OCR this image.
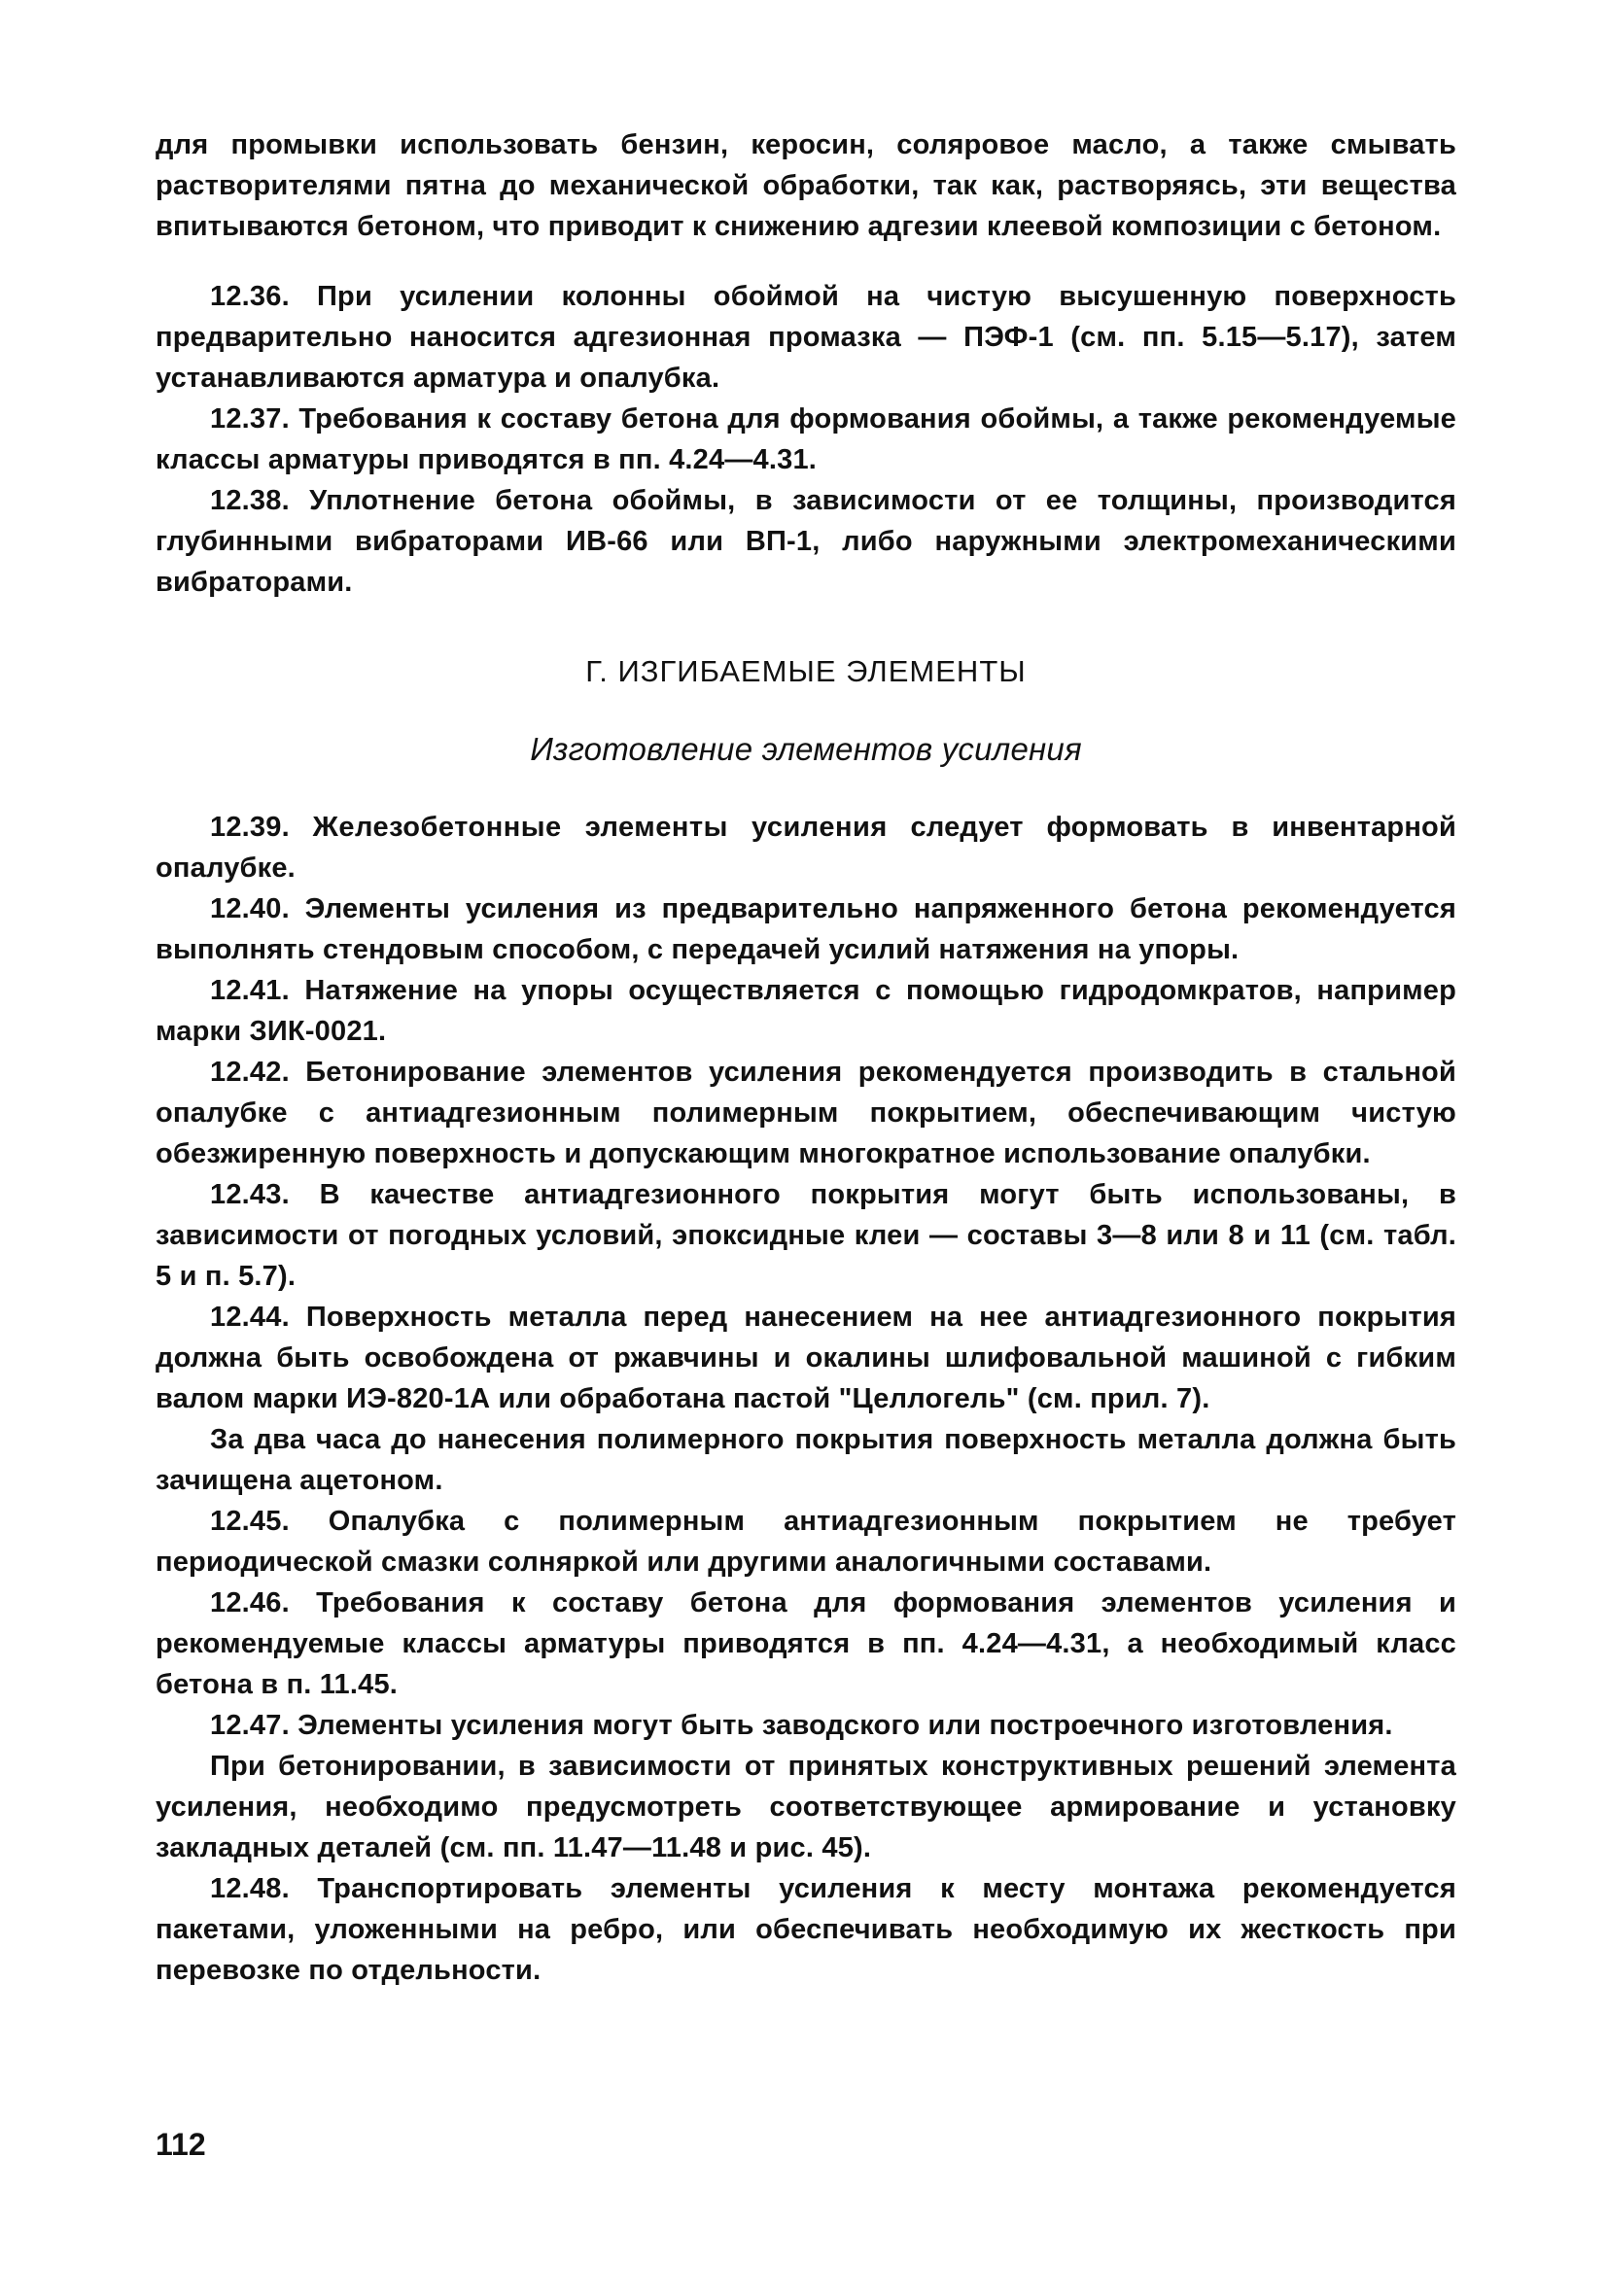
для промывки использовать бензин, керосин, соляровое масло, а также смывать растворителями пятна до механической обработки, так как, растворяясь, эти вещества впитываются бетоном, что приводит к снижению адгезии клеевой композиции с бетоном.

12.36. При усилении колонны обоймой на чистую высушенную поверхность предварительно наносится адгезионная промазка — ПЭФ-1 (см. пп. 5.15—5.17), затем устанавливаются арматура и опалубка.

12.37. Требования к составу бетона для формования обоймы, а также рекомендуемые классы арматуры приводятся в пп. 4.24—4.31.

12.38. Уплотнение бетона обоймы, в зависимости от ее толщины, производится глубинными вибраторами ИВ-66 или ВП-1, либо наружными электромеханическими вибраторами.

Г. ИЗГИБАЕМЫЕ ЭЛЕМЕНТЫ

Изготовление элементов усиления

12.39. Железобетонные элементы усиления следует формовать в инвентарной опалубке.

12.40. Элементы усиления из предварительно напряженного бетона рекомендуется выполнять стендовым способом, с передачей усилий натяжения на упоры.

12.41. Натяжение на упоры осуществляется с помощью гидродомкратов, например марки ЗИК-0021.

12.42. Бетонирование элементов усиления рекомендуется производить в стальной опалубке с антиадгезионным полимерным покрытием, обеспечивающим чистую обезжиренную поверхность и допускающим многократное использование опалубки.

12.43. В качестве антиадгезионного покрытия могут быть использованы, в зависимости от погодных условий, эпоксидные клеи — составы 3—8 или 8 и 11 (см. табл. 5 и п. 5.7).

12.44. Поверхность металла перед нанесением на нее антиадгезионного покрытия должна быть освобождена от ржавчины и окалины шлифовальной машиной с гибким валом марки ИЭ-820-1А или обработана пастой "Целлогель" (см. прил. 7).

За два часа до нанесения полимерного покрытия поверхность металла должна быть зачищена ацетоном.

12.45. Опалубка с полимерным антиадгезионным покрытием не требует периодической смазки солняркой или другими аналогичными составами.

12.46. Требования к составу бетона для формования элементов усиления и рекомендуемые классы арматуры приводятся в пп. 4.24—4.31, а необходимый класс бетона в п. 11.45.

12.47. Элементы усиления могут быть заводского или построечного изготовления.

При бетонировании, в зависимости от принятых конструктивных решений элемента усиления, необходимо предусмотреть соответствующее армирование и установку закладных деталей (см. пп. 11.47—11.48 и рис. 45).

12.48. Транспортировать элементы усиления к месту монтажа рекомендуется пакетами, уложенными на ребро, или обеспечивать необходимую их жесткость при перевозке по отдельности.

112
